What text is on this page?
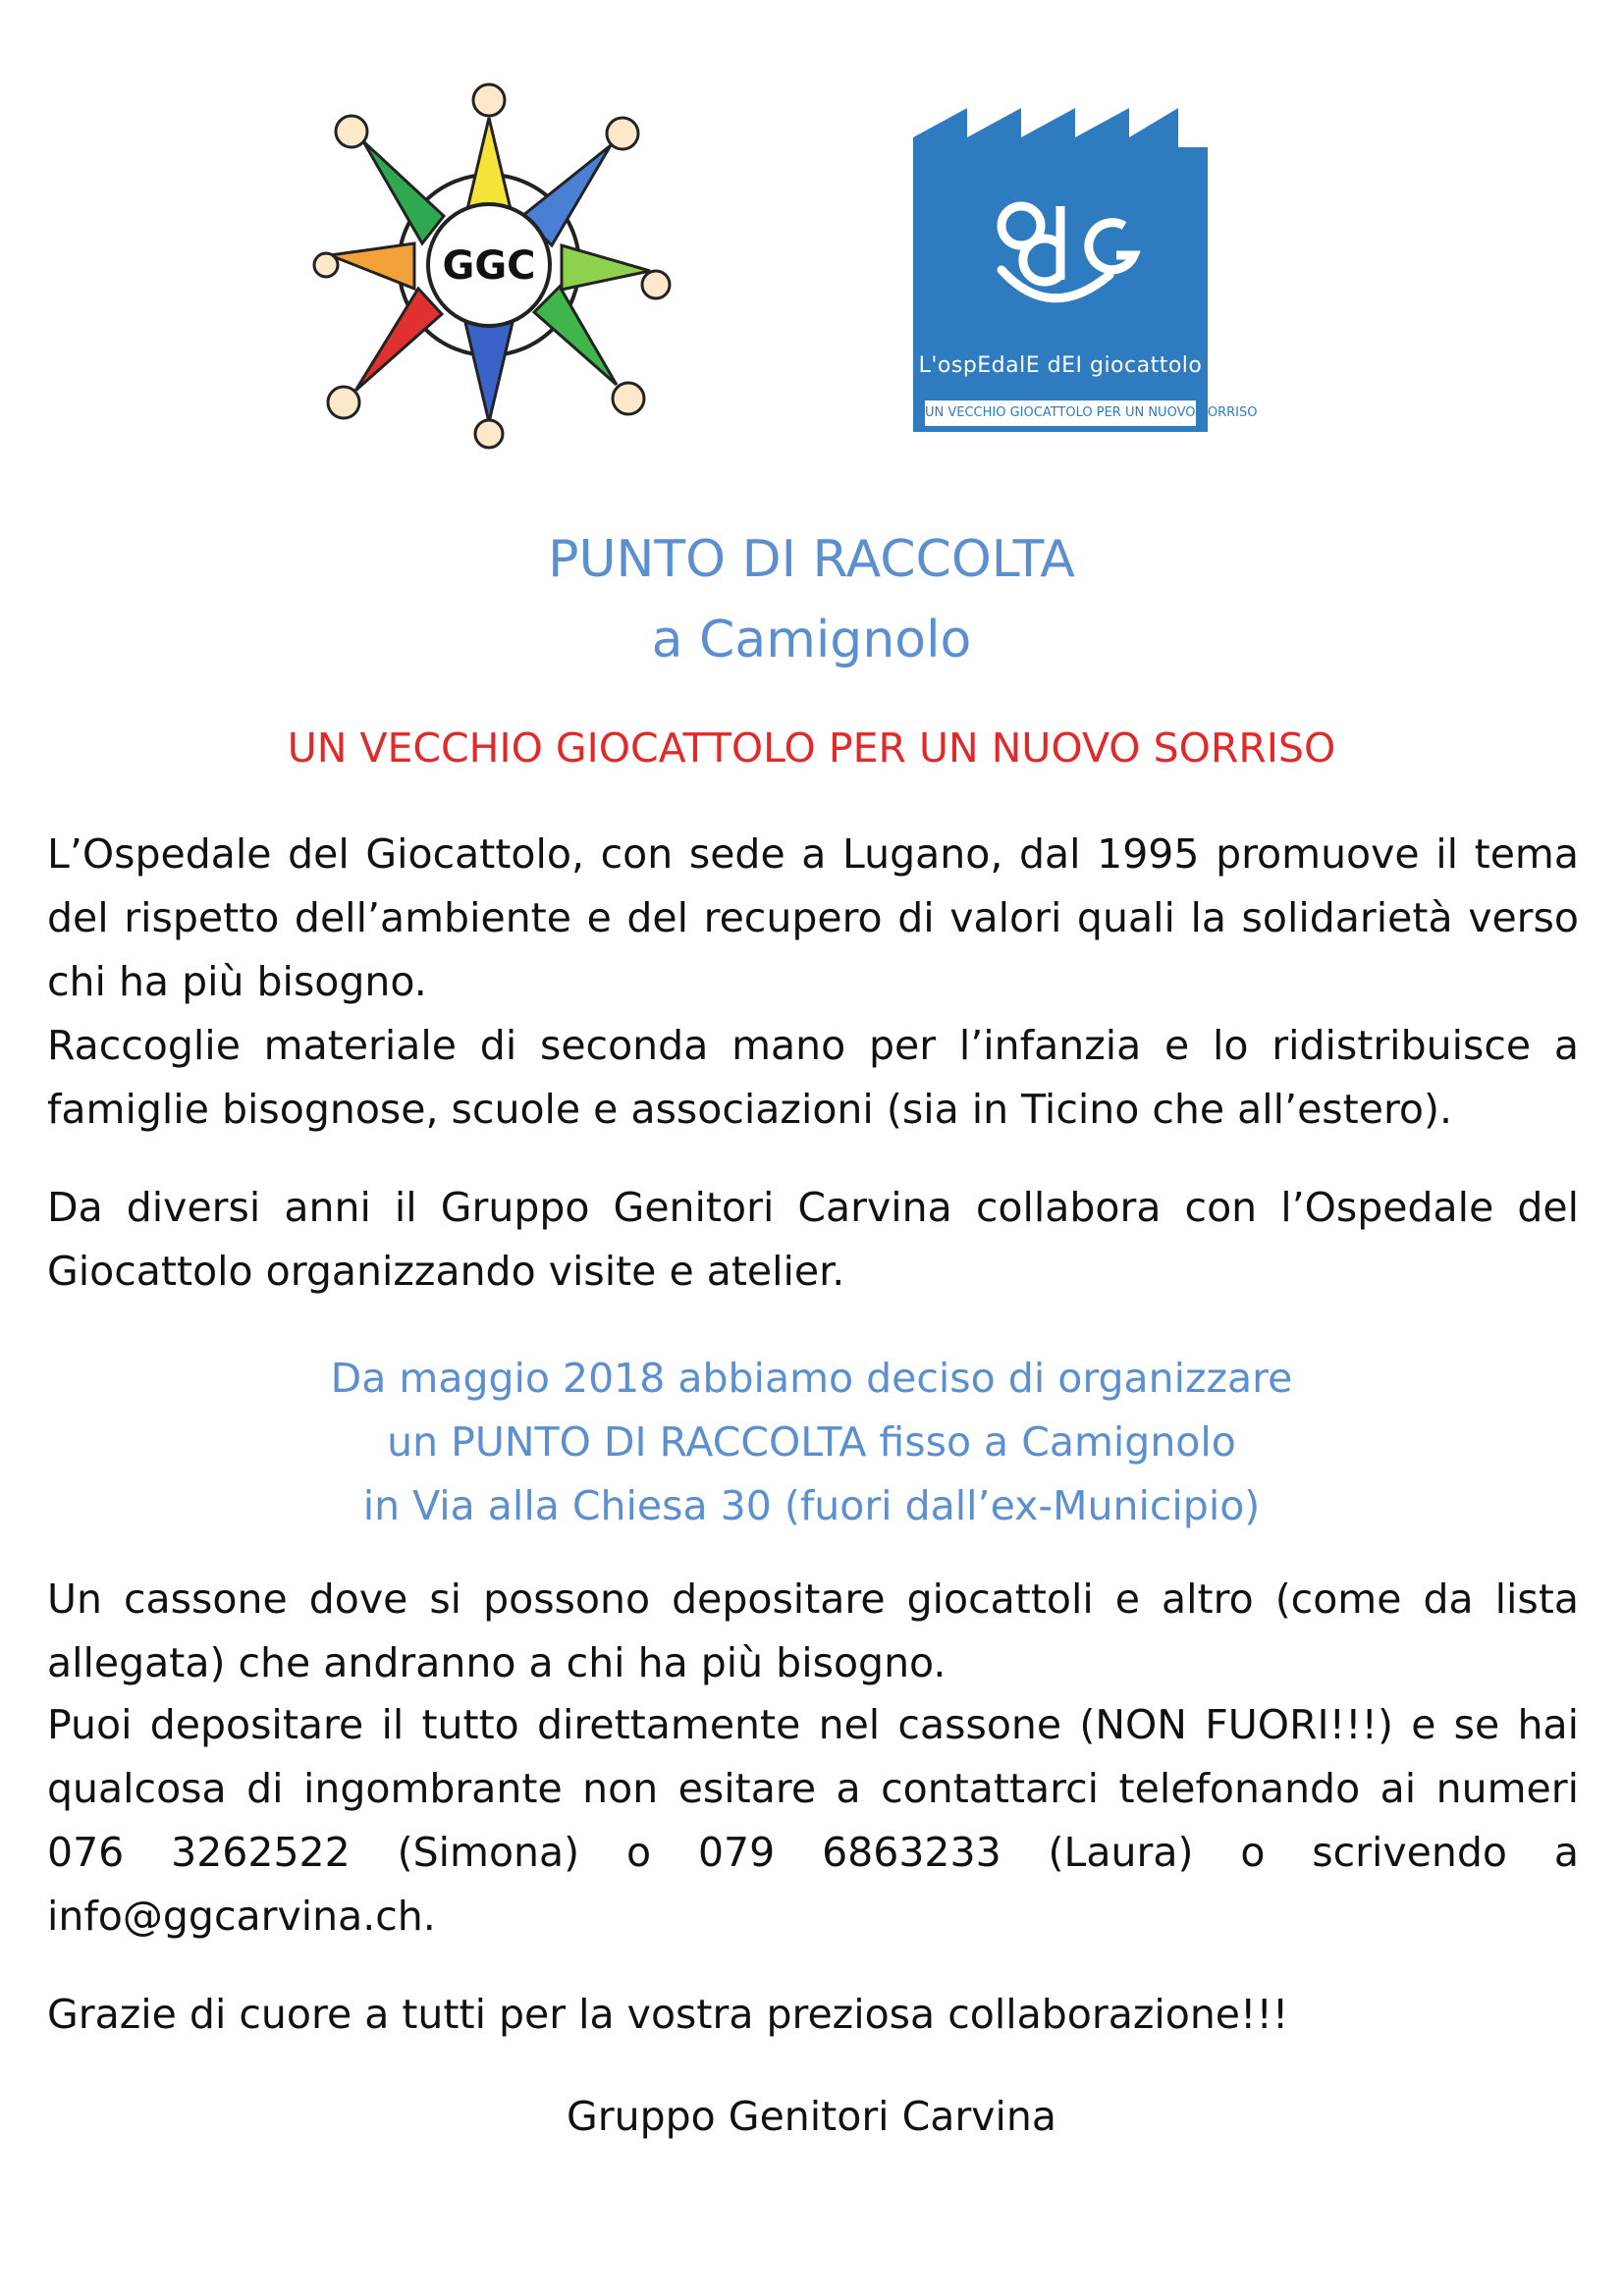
GGC
L'ospEdalE dEI giocattolo
UN VECCHIO GIOCATTOLO PER UN NUOVO SORRISO
PUNTO DI RACCOLTA
a Camignolo
UN VECCHIO GIOCATTOLO PER UN NUOVO SORRISO
L’Ospedale del Giocattolo, con sede a Lugano, dal 1995 promuove il tema del rispetto dell’ambiente e del recupero di valori quali la solidarietà verso chi ha più bisogno.
Raccoglie materiale di seconda mano per l’infanzia e lo ridistribuisce a famiglie bisognose, scuole e associazioni (sia in Ticino che all’estero).
Da diversi anni il Gruppo Genitori Carvina collabora con l’Ospedale del Giocattolo organizzando visite e atelier.
Da maggio 2018 abbiamo deciso di organizzare
un PUNTO DI RACCOLTA fisso a Camignolo
in Via alla Chiesa 30 (fuori dall’ex-Municipio)
Un cassone dove si possono depositare giocattoli e altro (come da lista allegata) che andranno a chi ha più bisogno.
Puoi depositare il tutto direttamente nel cassone (NON FUORI!!!) e se hai qualcosa di ingombrante non esitare a contattarci telefonando ai numeri 076 3262522 (Simona) o 079 6863233 (Laura) o scrivendo a info@ggcarvina.ch.
Grazie di cuore a tutti per la vostra preziosa collaborazione!!!
Gruppo Genitori Carvina
